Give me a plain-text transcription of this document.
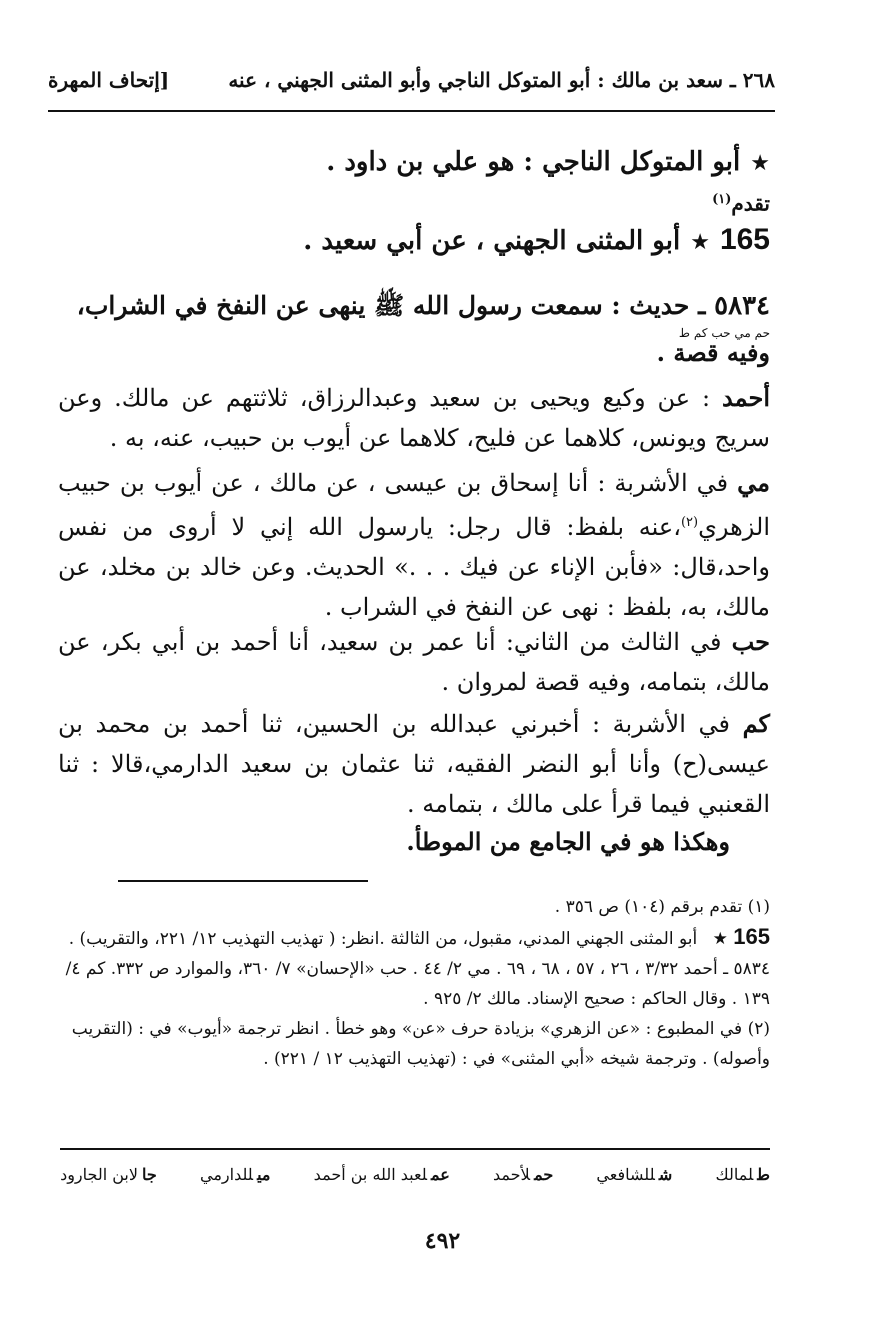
٢٦٨ ـ سعد بن مالك : أبو المتوكل الناجي وأبو المثنى الجهني ، عنه
[إتحاف المهرة
★أبو المتوكل الناجي : هو علي بن داود .
تقدم$^{(١)}$
165★أبو المثنى الجهني ، عن أبي سعيد .
٥٨٣٤ ـ حديث : سمعت رسول الله ﷺ ينهى عن النفخ في الشراب،
حم مي حب كم ط
وفيه قصة .
أحمد : عن وكيع ويحيى بن سعيد وعبدالرزاق، ثلاثتهم عن مالك. وعن سريج ويونس، كلاهما عن فليح، كلاهما عن أيوب بن حبيب، عنه، به .
مي في الأشربة : أنا إسحاق بن عيسى ، عن مالك ، عن أيوب بن حبيب الزهري$^{(٢)}$،عنه بلفظ: قال رجل: يارسول الله إني لا أروى من نفس واحد،قال: «فأبن الإناء عن فيك . . .» الحديث. وعن خالد بن مخلد، عن مالك، به، بلفظ : نهى عن النفخ في الشراب .
حب في الثالث من الثاني: أنا عمر بن سعيد، أنا أحمد بن أبي بكر، عن مالك، بتمامه، وفيه قصة لمروان .
كم في الأشربة : أخبرني عبدالله بن الحسين، ثنا أحمد بن محمد بن عيسى(ح) وأنا أبو النضر الفقيه، ثنا عثمان بن سعيد الدارمي،قالا : ثنا القعنبي فيما قرأ على مالك ، بتمامه .
وهكذا هو في الجامع من الموطأ.

(١) تقدم برقم (١٠٤) ص ٣٥٦ .

165 ★ أبو المثنى الجهني المدني، مقبول، من الثالثة .انظر: ( تهذيب التهذيب ١٢/ ٢٢١، والتقريب) .

٥٨٣٤ ـ أحمد ٣/٣٢ ، ٢٦ ، ٥٧ ، ٦٨ ، ٦٩ . مي ٢/ ٤٤ . حب «الإحسان» ٧/ ٣٦٠، والموارد ص ٣٣٢. كم ٤/ ١٣٩ . وقال الحاكم : صحيح الإسناد. مالك ٢/ ٩٢٥ .

(٢) في المطبوع : «عن الزهري» بزيادة حرف «عن» وهو خطأ . انظر ترجمة «أيوب» في : (التقريب وأصوله) . وترجمة شيخه «أبي المثنى» في : (تهذيب التهذيب ١٢ / ٢٢١) .

طلمالك
شللشافعي
حملأحمد
عملعبد الله بن أحمد
ميللدارمي
جالابن الجارود
٤٩٢
